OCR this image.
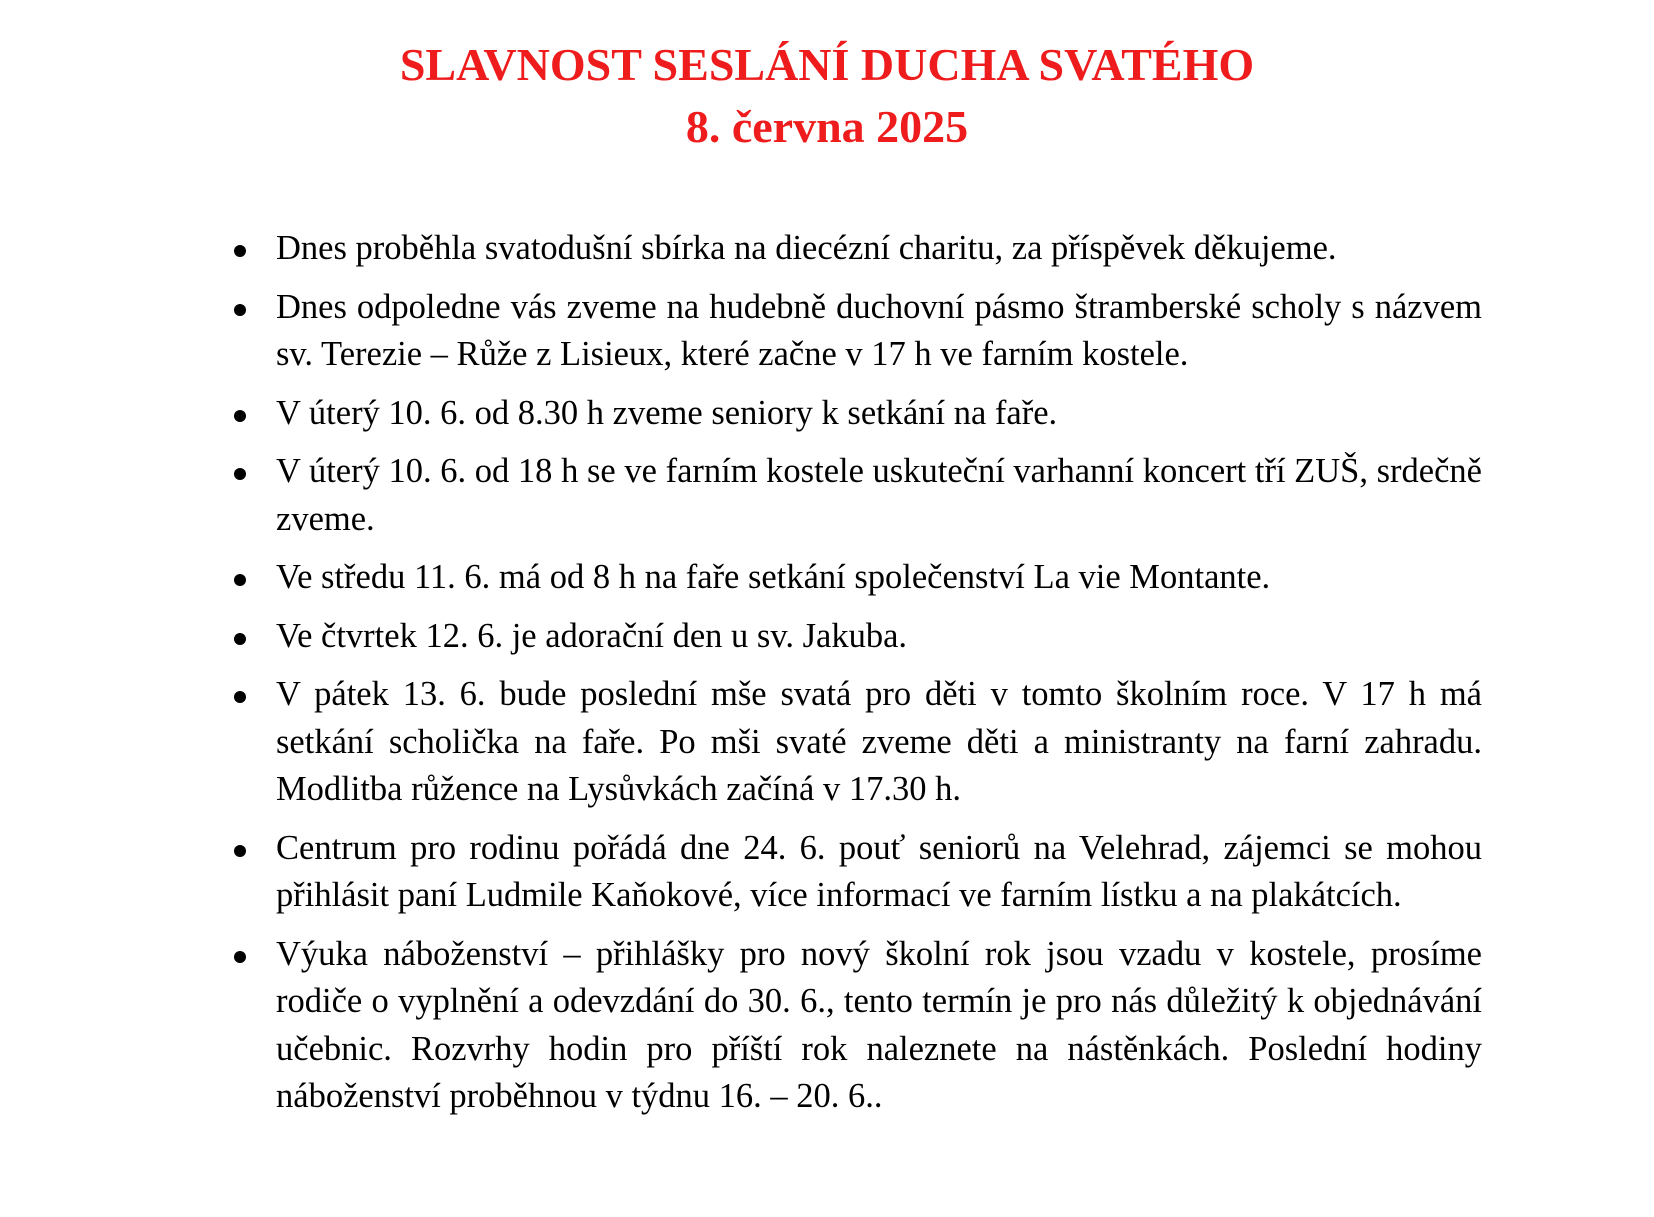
SLAVNOST SESLÁNÍ DUCHA SVATÉHO
8. června 2025
Dnes proběhla svatodušní sbírka na diecézní charitu, za příspěvek děkujeme.
Dnes odpoledne vás zveme na hudebně duchovní pásmo štramberské scholy s názvem sv. Terezie – Růže z Lisieux, které začne v 17 h ve farním kostele.
V úterý 10. 6. od 8.30 h zveme seniory k setkání na faře.
V úterý 10. 6. od 18 h se ve farním kostele uskuteční varhanní koncert tří ZUŠ, srdečně zveme.
Ve středu 11. 6. má od 8 h na faře setkání společenství La vie Montante.
Ve čtvrtek 12. 6. je adorační den u sv. Jakuba.
V pátek 13. 6. bude poslední mše svatá pro děti v tomto školním roce. V 17 h má setkání scholička na faře. Po mši svaté zveme děti a ministranty na farní zahradu. Modlitba růžence na Lysůvkách začíná v 17.30 h.
Centrum pro rodinu pořádá dne 24. 6. pouť seniorů na Velehrad, zájemci se mohou přihlásit paní Ludmile Kaňokové, více informací ve farním lístku a na plakátcích.
Výuka náboženství – přihlášky pro nový školní rok jsou vzadu v kostele, prosíme rodiče o vyplnění a odevzdání do 30. 6., tento termín je pro nás důležitý k objednávání učebnic. Rozvrhy hodin pro příští rok naleznete na nástěnkách. Poslední hodiny náboženství proběhnou v týdnu 16. – 20. 6..
